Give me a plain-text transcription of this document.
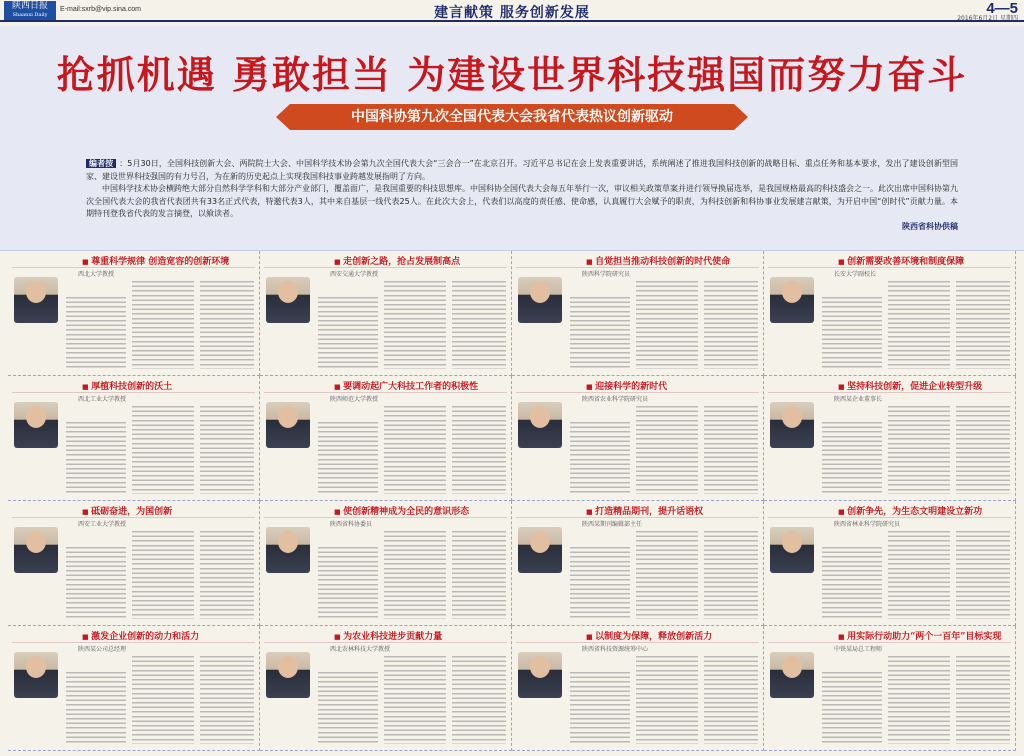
陕西日报
Shaanxi Daily
E-mail:sxrb@vip.sina.com	建言献策 服务创新发展	4—5
2016年6月2日 星期四
抢抓机遇 勇敢担当 为建设世界科技强国而努力奋斗
中国科协第九次全国代表大会我省代表热议创新驱动

编者按 ：5月30日，全国科技创新大会、两院院士大会、中国科学技术协会第九次全国代表大会“三会合一”在北京召开。习近平总书记在会上发表重要讲话，系统阐述了推进我国科技创新的战略目标、重点任务和基本要求，发出了建设创新型国家、建设世界科技强国的有力号召，为在新的历史起点上实现我国科技事业跨越发展指明了方向。

中国科学技术协会横跨绝大部分自然科学学科和大部分产业部门，覆盖面广，是我国重要的科技思想库。中国科协全国代表大会每五年举行一次，审议相关政策草案并进行领导换届选举，是我国规格最高的科技盛会之一。此次出席中国科协第九次全国代表大会的我省代表团共有33名正式代表，特邀代表3人，其中来自基层一线代表25人。在此次大会上，代表们以高度的责任感、使命感，认真履行大会赋予的职责，为科技创新和科协事业发展建言献策，为开启中国“创时代”贡献力量。本期特刊登我省代表的发言摘登，以飨读者。

陕西省科协供稿
■ 尊重科学规律 创造宽容的创新环境
西北大学教授
■ 走创新之路，抢占发展制高点
西安交通大学教授
■ 自觉担当推动科技创新的时代使命
陕西科学院研究员
■ 创新需要改善环境和制度保障
长安大学副校长
■ 厚植科技创新的沃土
西北工业大学教授
■ 要调动起广大科技工作者的积极性
陕西师范大学教授
■ 迎接科学的新时代
陕西省农业科学院研究员
■ 坚持科技创新，促进企业转型升级
陕西某企业董事长
■ 砥砺奋进，为国创新
西安工业大学教授
■ 使创新精神成为全民的意识形态
陕西省科协委员
■ 打造精品期刊，提升话语权
陕西某期刊编辑部主任
■ 创新争先，为生态文明建设立新功
陕西省林业科学院研究员
■ 激发企业创新的动力和活力
陕西某公司总经理
■ 为农业科技进步贡献力量
西北农林科技大学教授
■ 以制度为保障，释放创新活力
陕西省科技资源统筹中心
■ 用实际行动助力“两个一百年”目标实现
中铁某局总工程师
